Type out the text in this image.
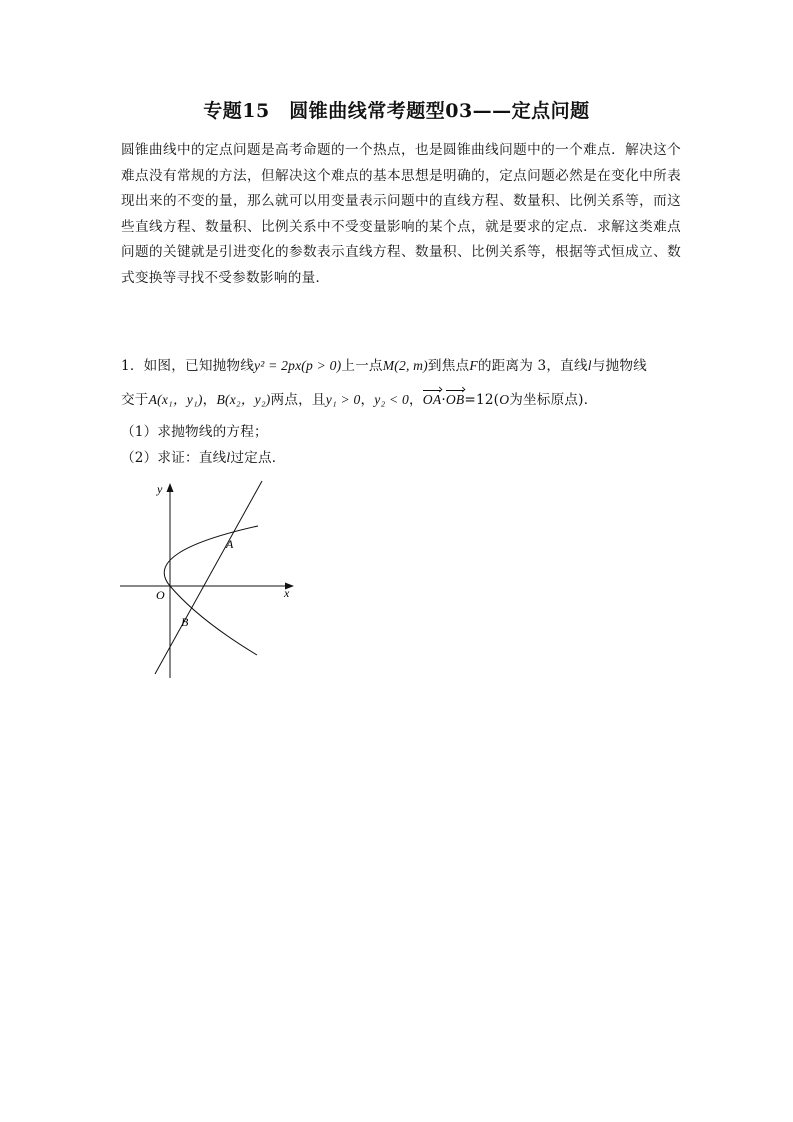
专题15　圆锥曲线常考题型03——定点问题
圆锥曲线中的定点问题是高考命题的一个热点，也是圆锥曲线问题中的一个难点．解决这个难点没有常规的方法，但解决这个难点的基本思想是明确的，定点问题必然是在变化中所表现出来的不变的量，那么就可以用变量表示问题中的直线方程、数量积、比例关系等，而这些直线方程、数量积、比例关系中不受变量影响的某个点，就是要求的定点．求解这类难点问题的关键就是引进变化的参数表示直线方程、数量积、比例关系等，根据等式恒成立、数式变换等寻找不受参数影响的量．
1．如图，已知抛物线y² = 2px(p > 0)上一点M(2, m)到焦点F的距离为 3，直线l与抛物线
交于A(x₁，y₁)，B(x₂，y₂)两点，且y₁ > 0，y₂ < 0，OA·OB=12(O为坐标原点)．
（1）求抛物线的方程；
（2）求证：直线l过定点．
y
x
O
A
B
